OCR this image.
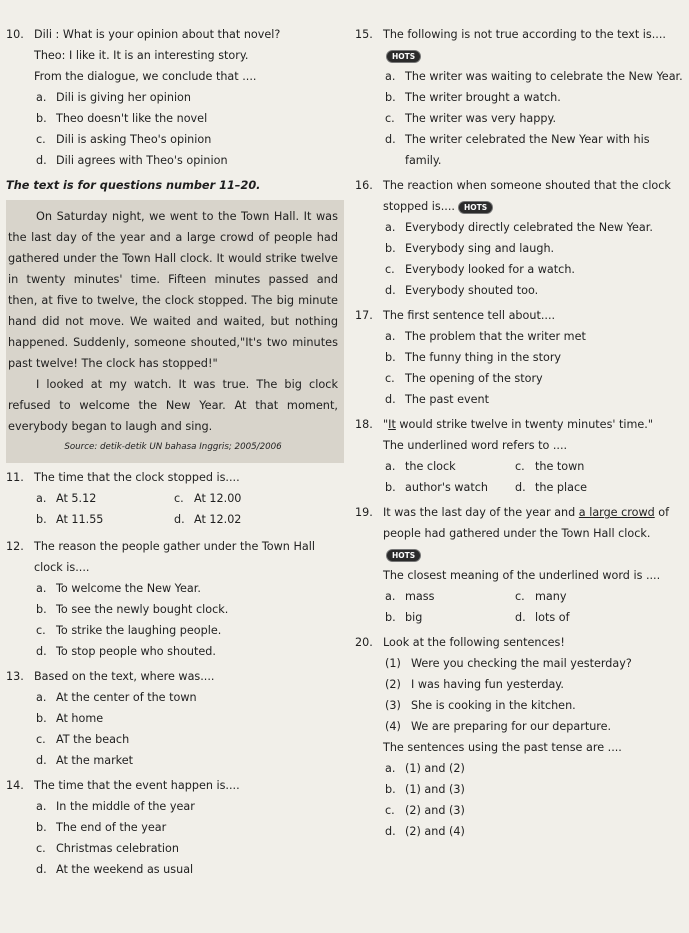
10. Dili : What is your opinion about that novel?
Theo: I like it. It is an interesting story.
From the dialogue, we conclude that ....
a. Dili is giving her opinion
b. Theo doesn't like the novel
c. Dili is asking Theo's opinion
d. Dili agrees with Theo's opinion
The text is for questions number 11–20.

On Saturday night, we went to the Town Hall. It was the last day of the year and a large crowd of people had gathered under the Town Hall clock. It would strike twelve in twenty minutes' time. Fifteen minutes passed and then, at five to twelve, the clock stopped. The big minute hand did not move. We waited and waited, but nothing happened. Suddenly, someone shouted,"It's two minutes past twelve! The clock has stopped!"

I looked at my watch. It was true. The big clock refused to welcome the New Year. At that moment, everybody began to laugh and sing.

Source: detik-detik UN bahasa Inggris; 2005/2006
11. The time that the clock stopped is....
a. At 5.12	c. At 12.00
b. At 11.55	d. At 12.02
12. The reason the people gather under the Town Hall clock is....
a. To welcome the New Year.
b. To see the newly bought clock.
c. To strike the laughing people.
d. To stop people who shouted.
13. Based on the text, where was....
a. At the center of the town
b. At home
c. AT the beach
d. At the market
14. The time that the event happen is....
a. In the middle of the year
b. The end of the year
c. Christmas celebration
d. At the weekend as usual
15. The following is not true according to the text is....HOTS
a. The writer was waiting to celebrate the New Year.
b. The writer brought a watch.
c. The writer was very happy.
d. The writer celebrated the New Year with his family.
16. The reaction when someone shouted that the clock stopped is.... HOTS
a. Everybody directly celebrated the New Year.
b. Everybody sing and laugh.
c. Everybody looked for a watch.
d. Everybody shouted too.
17. The first sentence tell about....
a. The problem that the writer met
b. The funny thing in the story
c. The opening of the story
d. The past event
18. "It would strike twelve in twenty minutes' time."
The underlined word refers to ....
a. the clock	c. the town
b. author's watch	d. the place
19. It was the last day of the year and a large crowd of people had gathered under the Town Hall clock.HOTS
The closest meaning of the underlined word is ....
a. mass	c. many
b. big	d. lots of
20. Look at the following sentences!
(1) Were you checking the mail yesterday?
(2) I was having fun yesterday.
(3) She is cooking in the kitchen.
(4) We are preparing for our departure.
The sentences using the past tense are ....
a. (1) and (2)
b. (1) and (3)
c. (2) and (3)
d. (2) and (4)
